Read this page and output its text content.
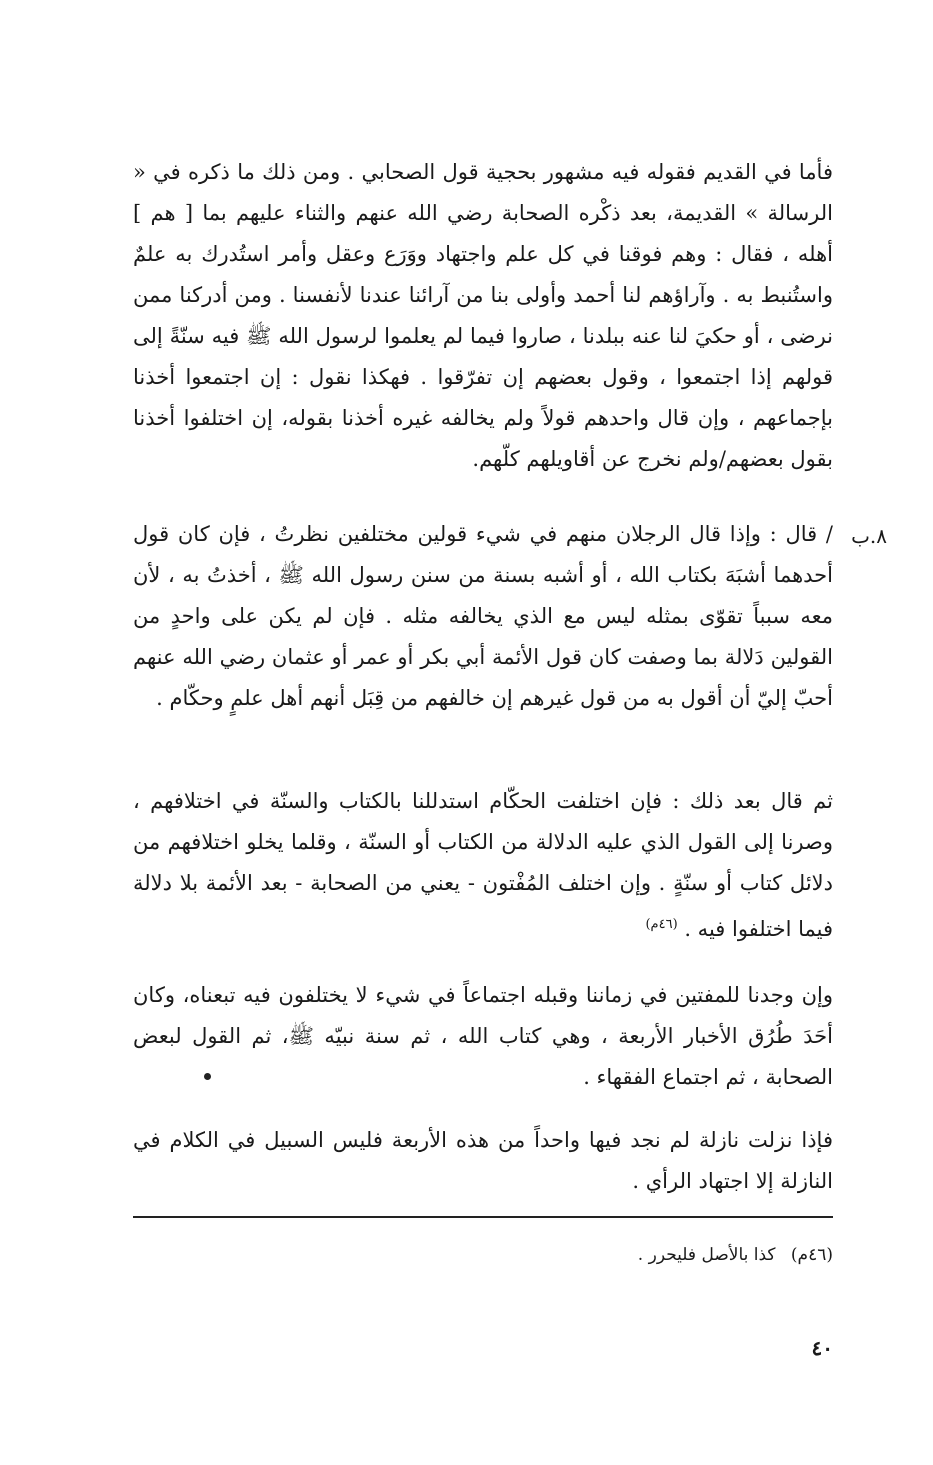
٨.ب

فأما في القديم فقوله فيه مشهور بحجية قول الصحابي . ومن ذلك ما ذكره في « الرسالة » القديمة، بعد ذكْره الصحابة رضي الله عنهم والثناء عليهم بما [ هم ] أهله ، فقال : وهم فوقنا في كل علم واجتهاد ووَرَع وعقل وأمر استُدرك به علمٌ واستُنبط به . وآراؤهم لنا أحمد وأولى بنا من آرائنا عندنا لأنفسنا . ومن أدركنا ممن نرضى ، أو حكيَ لنا عنه ببلدنا ، صاروا فيما لم يعلموا لرسول الله ﷺ فيه سنّةً إلى قولهم إذا اجتمعوا ، وقول بعضهم إن تفرّقوا . فهكذا نقول : إن اجتمعوا أخذنا بإجماعهم ، وإن قال واحدهم قولاً ولم يخالفه غيره أخذنا بقوله، إن اختلفوا أخذنا بقول بعضهم/ولم نخرج عن أقاويلهم كلّهم.

/ قال : وإذا قال الرجلان منهم في شيء قولين مختلفين نظرتُ ، فإن كان قول أحدهما أشبَهَ بكتاب الله ، أو أشبه بسنة من سنن رسول الله ﷺ ، أخذتُ به ، لأن معه سبباً تقوّى بمثله ليس مع الذي يخالفه مثله . فإن لم يكن على واحدٍ من القولين دَلالة بما وصفت كان قول الأئمة أبي بكر أو عمر أو عثمان رضي الله عنهم أحبّ إليّ أن أقول به من قول غيرهم إن خالفهم من قِبَل أنهم أهل علمٍ وحكّام .

ثم قال بعد ذلك : فإن اختلفت الحكّام استدللنا بالكتاب والسنّة في اختلافهم ، وصرنا إلى القول الذي عليه الدلالة من الكتاب أو السنّة ، وقلما يخلو اختلافهم من دلائل كتاب أو سنّةٍ . وإن اختلف المُفْتون - يعني من الصحابة - بعد الأئمة بلا دلالة فيما اختلفوا فيه . $^{(٤٦م)}$

وإن وجدنا للمفتين في زماننا وقبله اجتماعاً في شيء لا يختلفون فيه تبعناه، وكان أحَدَ طُرُق الأخبار الأربعة ، وهي كتاب الله ، ثم سنة نبيّه ﷺ، ثم القول لبعض الصحابة ، ثم اجتماع الفقهاء .

فإذا نزلت نازلة لم نجد فيها واحداً من هذه الأربعة فليس السبيل في الكلام في النازلة إلا اجتهاد الرأي .

(٤٦م) كذا بالأصل فليحرر .
٤٠
